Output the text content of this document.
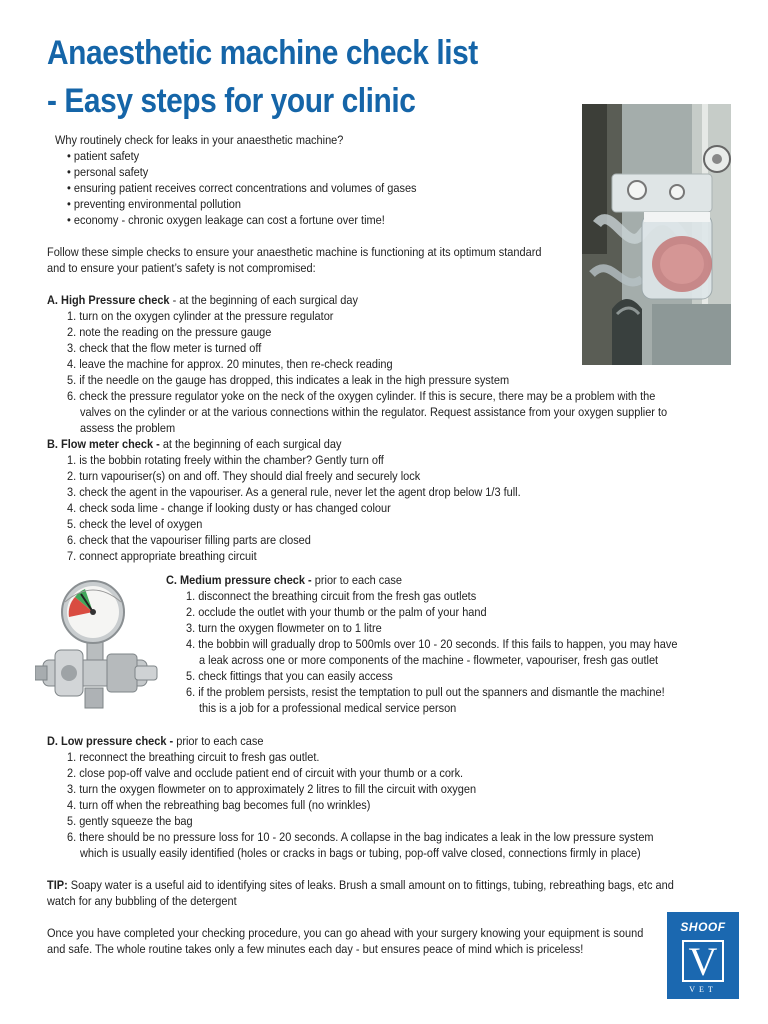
Anaesthetic machine check list
- Easy steps for your clinic
Why routinely check for leaks in your anaesthetic machine?
• patient safety
• personal safety
• ensuring patient receives correct concentrations and volumes of gases
• preventing environmental pollution
• economy - chronic oxygen leakage can cost a fortune over time!
Follow these simple checks to ensure your anaesthetic machine is functioning at its optimum standard
and to ensure your patient’s safety is not compromised:
A. High Pressure check - at the beginning of each surgical day
1. turn on the oxygen cylinder at the pressure regulator
2. note the reading on the pressure gauge
3. check that the flow meter is turned off
4. leave the machine for approx. 20 minutes, then re-check reading
5. if the needle on the gauge has dropped, this indicates a leak in the high pressure system
6. check the pressure regulator yoke on the neck of the oxygen cylinder. If this is secure, there may be a problem with the
valves on the cylinder or at the various connections within the regulator. Request assistance from your oxygen supplier to
assess the problem
B. Flow meter check - at the beginning of each surgical day
1. is the bobbin rotating freely within the chamber? Gently turn off
2. turn vapouriser(s) on and off. They should dial freely and securely lock
3. check the agent in the vapouriser. As a general rule, never let the agent drop below 1/3 full.
4. check soda lime - change if looking dusty or has changed colour
5. check the level of oxygen
6. check that the vapouriser filling parts are closed
7. connect appropriate breathing circuit
C. Medium pressure check - prior to each case
1. disconnect the breathing circuit from the fresh gas outlets
2. occlude the outlet with your thumb or the palm of your hand
3. turn the oxygen flowmeter on to 1 litre
4. the bobbin will gradually drop to 500mls over 10 - 20 seconds. If this fails to happen, you may have
a leak across one or more components of the machine - flowmeter, vapouriser, fresh gas outlet
5. check fittings that you can easily access
6. if the problem persists, resist the temptation to pull out the spanners and dismantle the machine!
this is a job for a professional medical service person
D. Low pressure check - prior to each case
1. reconnect the breathing circuit to fresh gas outlet.
2. close pop-off valve and occlude patient end of circuit with your thumb or a cork.
3. turn the oxygen flowmeter on to approximately 2 litres to fill the circuit with oxygen
4. turn off when the rebreathing bag becomes full (no wrinkles)
5. gently squeeze the bag
6. there should be no pressure loss for 10 - 20 seconds. A collapse in the bag indicates a leak in the low pressure system
which is usually easily identified (holes or cracks in bags or tubing, pop-off valve closed, connections firmly in place)
TIP: Soapy water is a useful aid to identifying sites of leaks. Brush a small amount on to fittings, tubing, rebreathing bags, etc and
watch for any bubbling of the detergent
Once you have completed your checking procedure, you can go ahead with your surgery knowing your equipment is sound
and safe. The whole routine takes only a few minutes each day - but ensures peace of mind which is priceless!
SHOOF
V
VET
